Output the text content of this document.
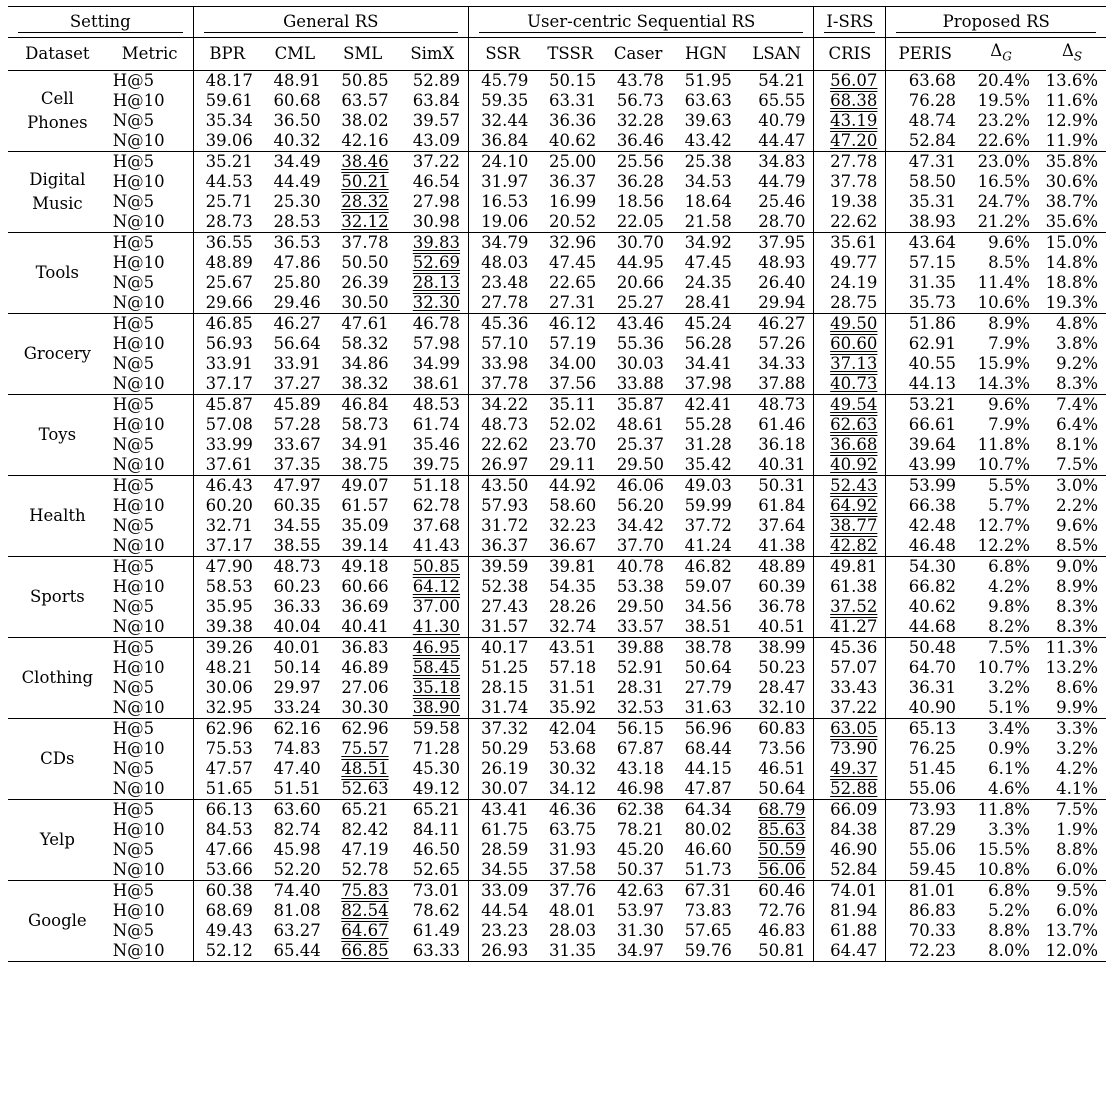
Setting		General RS				User-centric Sequential RS					I-SRS	Proposed RS		

Dataset	Metric	BPR	CML	SML	SimX	SSR	TSSR	Caser	HGN	LSAN	CRIS	PERIS	$\Delta_G$	$\Delta_S$
Cell Phones	H@5	48.17	48.91	50.85	52.89	45.79	50.15	43.78	51.95	54.21	56.07	63.68	20.4%	13.6%
	H@10	59.61	60.68	63.57	63.84	59.35	63.31	56.73	63.63	65.55	68.38	76.28	19.5%	11.6%
	N@5	35.34	36.50	38.02	39.57	32.44	36.36	32.28	39.63	40.79	43.19	48.74	23.2%	12.9%
	N@10	39.06	40.32	42.16	43.09	36.84	40.62	36.46	43.42	44.47	47.20	52.84	22.6%	11.9%
Digital Music	H@5	35.21	34.49	38.46	37.22	24.10	25.00	25.56	25.38	34.83	27.78	47.31	23.0%	35.8%
	H@10	44.53	44.49	50.21	46.54	31.97	36.37	36.28	34.53	44.79	37.78	58.50	16.5%	30.6%
	N@5	25.71	25.30	28.32	27.98	16.53	16.99	18.56	18.64	25.46	19.38	35.31	24.7%	38.7%
	N@10	28.73	28.53	32.12	30.98	19.06	20.52	22.05	21.58	28.70	22.62	38.93	21.2%	35.6%
Tools	H@5	36.55	36.53	37.78	39.83	34.79	32.96	30.70	34.92	37.95	35.61	43.64	9.6%	15.0%
	H@10	48.89	47.86	50.50	52.69	48.03	47.45	44.95	47.45	48.93	49.77	57.15	8.5%	14.8%
	N@5	25.67	25.80	26.39	28.13	23.48	22.65	20.66	24.35	26.40	24.19	31.35	11.4%	18.8%
	N@10	29.66	29.46	30.50	32.30	27.78	27.31	25.27	28.41	29.94	28.75	35.73	10.6%	19.3%
Grocery	H@5	46.85	46.27	47.61	46.78	45.36	46.12	43.46	45.24	46.27	49.50	51.86	8.9%	4.8%
	H@10	56.93	56.64	58.32	57.98	57.10	57.19	55.36	56.28	57.26	60.60	62.91	7.9%	3.8%
	N@5	33.91	33.91	34.86	34.99	33.98	34.00	30.03	34.41	34.33	37.13	40.55	15.9%	9.2%
	N@10	37.17	37.27	38.32	38.61	37.78	37.56	33.88	37.98	37.88	40.73	44.13	14.3%	8.3%
Toys	H@5	45.87	45.89	46.84	48.53	34.22	35.11	35.87	42.41	48.73	49.54	53.21	9.6%	7.4%
	H@10	57.08	57.28	58.73	61.74	48.73	52.02	48.61	55.28	61.46	62.63	66.61	7.9%	6.4%
	N@5	33.99	33.67	34.91	35.46	22.62	23.70	25.37	31.28	36.18	36.68	39.64	11.8%	8.1%
	N@10	37.61	37.35	38.75	39.75	26.97	29.11	29.50	35.42	40.31	40.92	43.99	10.7%	7.5%
Health	H@5	46.43	47.97	49.07	51.18	43.50	44.92	46.06	49.03	50.31	52.43	53.99	5.5%	3.0%
	H@10	60.20	60.35	61.57	62.78	57.93	58.60	56.20	59.99	61.84	64.92	66.38	5.7%	2.2%
	N@5	32.71	34.55	35.09	37.68	31.72	32.23	34.42	37.72	37.64	38.77	42.48	12.7%	9.6%
	N@10	37.17	38.55	39.14	41.43	36.37	36.67	37.70	41.24	41.38	42.82	46.48	12.2%	8.5%
Sports	H@5	47.90	48.73	49.18	50.85	39.59	39.81	40.78	46.82	48.89	49.81	54.30	6.8%	9.0%
	H@10	58.53	60.23	60.66	64.12	52.38	54.35	53.38	59.07	60.39	61.38	66.82	4.2%	8.9%
	N@5	35.95	36.33	36.69	37.00	27.43	28.26	29.50	34.56	36.78	37.52	40.62	9.8%	8.3%
	N@10	39.38	40.04	40.41	41.30	31.57	32.74	33.57	38.51	40.51	41.27	44.68	8.2%	8.3%
Clothing	H@5	39.26	40.01	36.83	46.95	40.17	43.51	39.88	38.78	38.99	45.36	50.48	7.5%	11.3%
	H@10	48.21	50.14	46.89	58.45	51.25	57.18	52.91	50.64	50.23	57.07	64.70	10.7%	13.2%
	N@5	30.06	29.97	27.06	35.18	28.15	31.51	28.31	27.79	28.47	33.43	36.31	3.2%	8.6%
	N@10	32.95	33.24	30.30	38.90	31.74	35.92	32.53	31.63	32.10	37.22	40.90	5.1%	9.9%
CDs	H@5	62.96	62.16	62.96	59.58	37.32	42.04	56.15	56.96	60.83	63.05	65.13	3.4%	3.3%
	H@10	75.53	74.83	75.57	71.28	50.29	53.68	67.87	68.44	73.56	73.90	76.25	0.9%	3.2%
	N@5	47.57	47.40	48.51	45.30	26.19	30.32	43.18	44.15	46.51	49.37	51.45	6.1%	4.2%
	N@10	51.65	51.51	52.63	49.12	30.07	34.12	46.98	47.87	50.64	52.88	55.06	4.6%	4.1%
Yelp	H@5	66.13	63.60	65.21	65.21	43.41	46.36	62.38	64.34	68.79	66.09	73.93	11.8%	7.5%
	H@10	84.53	82.74	82.42	84.11	61.75	63.75	78.21	80.02	85.63	84.38	87.29	3.3%	1.9%
	N@5	47.66	45.98	47.19	46.50	28.59	31.93	45.20	46.60	50.59	46.90	55.06	15.5%	8.8%
	N@10	53.66	52.20	52.78	52.65	34.55	37.58	50.37	51.73	56.06	52.84	59.45	10.8%	6.0%
Google	H@5	60.38	74.40	75.83	73.01	33.09	37.76	42.63	67.31	60.46	74.01	81.01	6.8%	9.5%
	H@10	68.69	81.08	82.54	78.62	44.54	48.01	53.97	73.83	72.76	81.94	86.83	5.2%	6.0%
	N@5	49.43	63.27	64.67	61.49	23.23	28.03	31.30	57.65	46.83	61.88	70.33	8.8%	13.7%
	N@10	52.12	65.44	66.85	63.33	26.93	31.35	34.97	59.76	50.81	64.47	72.23	8.0%	12.0%
